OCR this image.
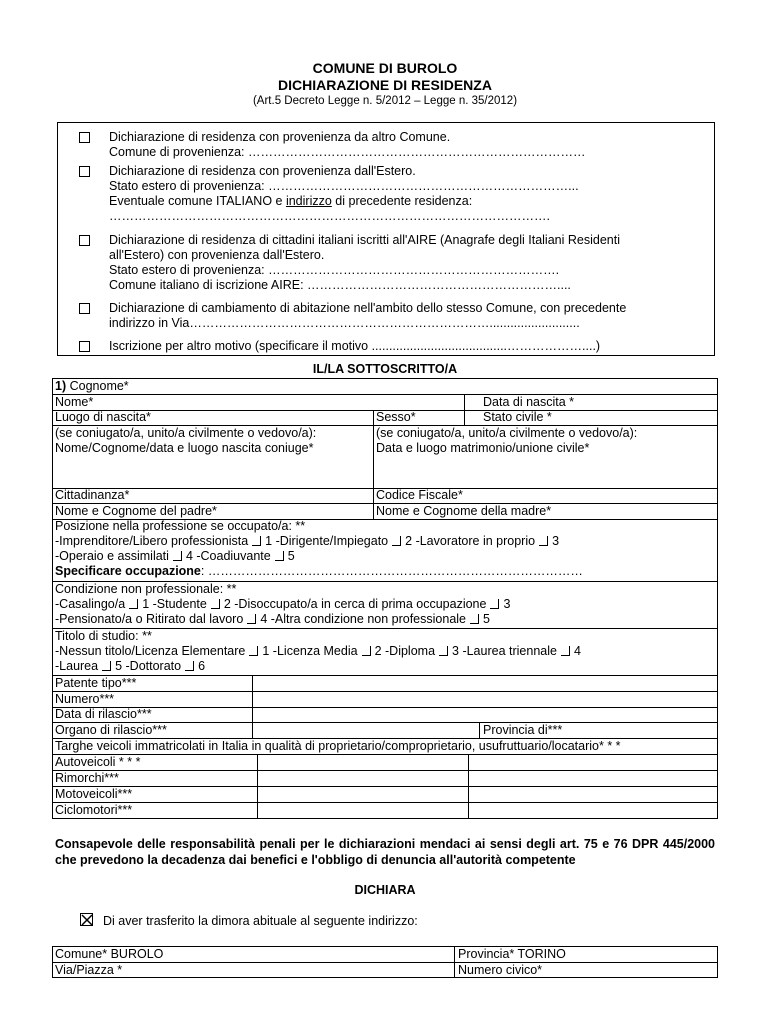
COMUNE DI BUROLO
DICHIARAZIONE DI RESIDENZA
(Art.5 Decreto Legge n. 5/2012 – Legge n. 35/2012)
Dichiarazione di residenza con provenienza da altro Comune.
Comune di provenienza: ………………………………………………………………………
Dichiarazione di residenza con provenienza dall'Estero.
Stato estero di provenienza: ………………………………………………………………...
Eventuale comune ITALIANO e indirizzo di precedente residenza:
…………………………………………………………………………………………….
Dichiarazione di residenza di cittadini italiani iscritti all'AIRE (Anagrafe degli Italiani Residenti
all'Estero) con provenienza dall'Estero.
Stato estero di provenienza: …………………………………………………………….
Comune italiano di iscrizione AIRE: ……………………………………………………....
Dichiarazione di cambiamento di abitazione nell'ambito dello stesso Comune, con precedente
indirizzo in Via………………………………………………………………..........................
Iscrizione per altro motivo (specificare il motivo .......................................………………....)
IL/LA SOTTOSCRITTO/A
1) Cognome*
Nome*	Data di nascita *
Luogo di nascita*	Sesso*	Stato civile *
(se coniugato/a, unito/a civilmente o vedovo/a):
Nome/Cognome/data e luogo nascita coniuge*
(se coniugato/a, unito/a civilmente o vedovo/a):
Data e luogo matrimonio/unione civile*
Cittadinanza*	Codice Fiscale*
Nome e Cognome del padre*	Nome e Cognome della madre*
Posizione nella professione se occupato/a: **
-Imprenditore/Libero professionista 1 -Dirigente/Impiegato 2 -Lavoratore in proprio 3
-Operaio e assimilati 4 -Coadiuvante 5
Specificare occupazione: ………………………………………………………………………………
Condizione non professionale: **
-Casalingo/a 1 -Studente 2 -Disoccupato/a in cerca di prima occupazione 3
-Pensionato/a o Ritirato dal lavoro 4 -Altra condizione non professionale 5
Titolo di studio: **
-Nessun titolo/Licenza Elementare 1 -Licenza Media 2 -Diploma 3 -Laurea triennale 4
-Laurea 5 -Dottorato 6
Patente tipo***
Numero***
Data di rilascio***
Organo di rilascio***	Provincia di***
Targhe veicoli immatricolati in Italia in qualità di proprietario/comproprietario, usufruttuario/locatario* * *
Autoveicoli * * *
Rimorchi***
Motoveicoli***
Ciclomotori***
Consapevole delle responsabilità penali per le dichiarazioni mendaci ai sensi degli art. 75 e 76 DPR 445/2000 che prevedono la decadenza dai benefici e l'obbligo di denuncia all'autorità competente
DICHIARA
Di aver trasferito la dimora abituale al seguente indirizzo:
Comune* BUROLO	Provincia* TORINO
Via/Piazza *	Numero civico*
